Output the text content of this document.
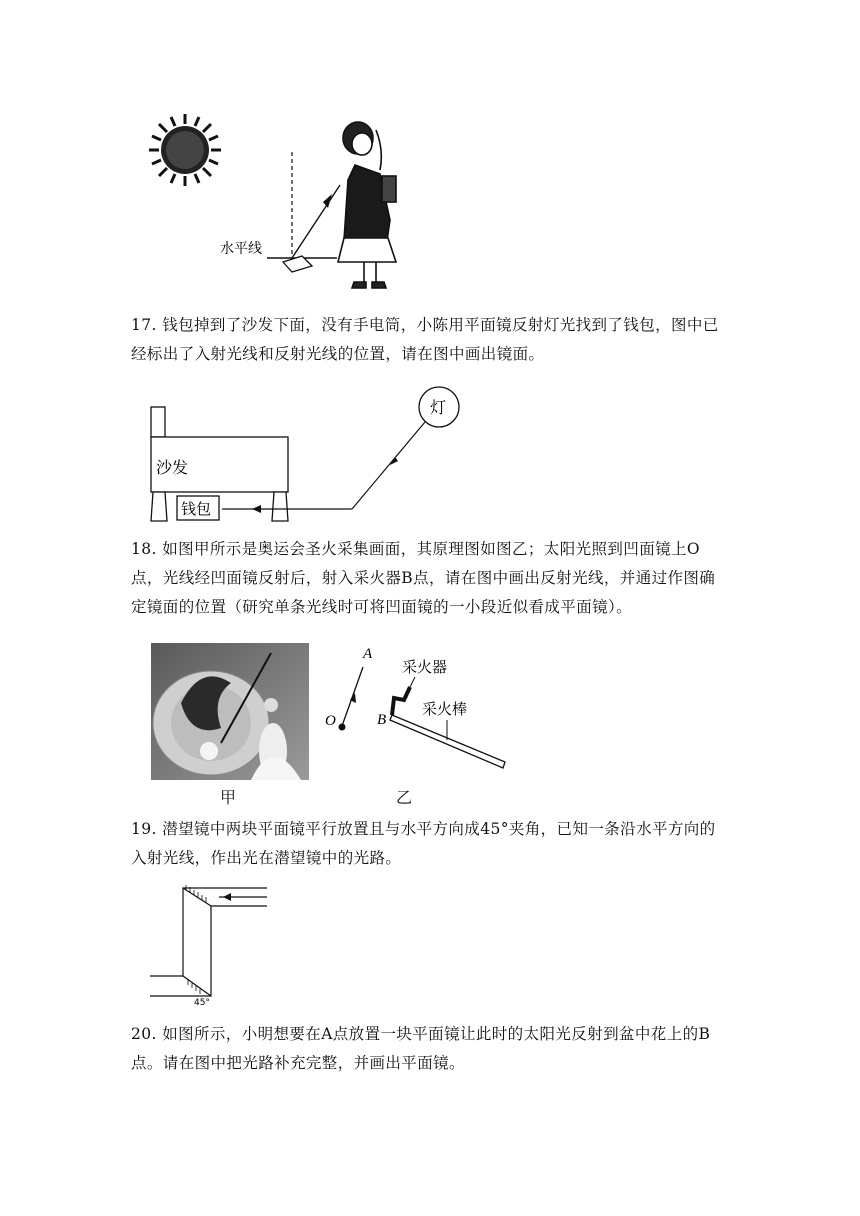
水平线
17. 钱包掉到了沙发下面，没有手电筒，小陈用平面镜反射灯光找到了钱包，图中已经标出了入射光线和反射光线的位置，请在图中画出镜面。
沙发
钱包
灯
18. 如图甲所示是奥运会圣火采集画面，其原理图如图乙；太阳光照到凹面镜上O点，光线经凹面镜反射后，射入采火器B点，请在图中画出反射光线，并通过作图确定镜面的位置（研究单条光线时可将凹面镜的一小段近似看成平面镜）。
甲
A
O	B
采火器
采火棒
乙
19. 潜望镜中两块平面镜平行放置且与水平方向成45°夹角，已知一条沿水平方向的入射光线，作出光在潜望镜中的光路。
45°
20. 如图所示，小明想要在A点放置一块平面镜让此时的太阳光反射到盆中花上的B点。请在图中把光路补充完整，并画出平面镜。
